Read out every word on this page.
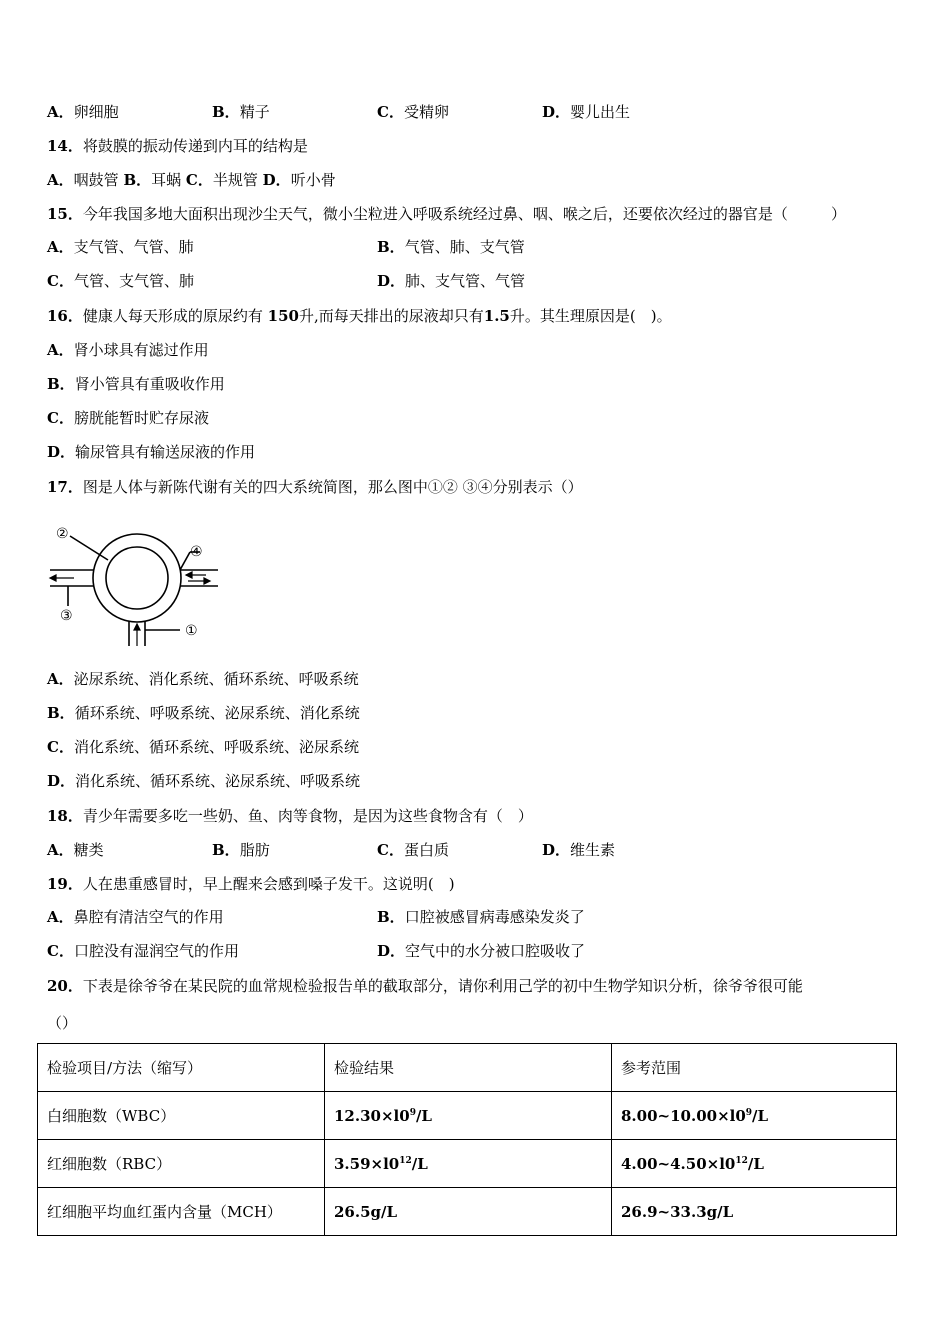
A．卵细胞	B．精子	C．受精卵	D．婴儿出生
14．将鼓膜的振动传递到内耳的结构是
A．咽鼓管 B．耳蜗 C．半规管 D．听小骨
15．今年我国多地大面积出现沙尘天气，微小尘粒进入呼吸系统经过鼻、咽、喉之后，还要依次经过的器官是（	）
A．支气管、气管、肺	B．气管、肺、支气管
C．气管、支气管、肺	D．肺、支气管、气管
16．健康人每天形成的原尿约有 150升,而每天排出的尿液却只有1.5升。其生理原因是(　)。
A．肾小球具有滤过作用
B．肾小管具有重吸收作用
C．膀胱能暂时贮存尿液
D．输尿管具有输送尿液的作用
17．图是人体与新陈代谢有关的四大系统简图，那么图中①② ③④分别表示（）
②
④
③
①
A．泌尿系统、消化系统、循环系统、呼吸系统
B．循环系统、呼吸系统、泌尿系统、消化系统
C．消化系统、循环系统、呼吸系统、泌尿系统
D．消化系统、循环系统、泌尿系统、呼吸系统
18．青少年需要多吃一些奶、鱼、肉等食物，是因为这些食物含有（　）
A．糖类	B．脂肪	C．蛋白质	D．维生素
19．人在患重感冒时，早上醒来会感到嗓子发干。这说明(　)
A．鼻腔有清洁空气的作用	B．口腔被感冒病毒感染发炎了
C．口腔没有湿润空气的作用	D．空气中的水分被口腔吸收了
20．下表是徐爷爷在某民院的血常规检验报告单的截取部分，请你利用己学的初中生物学知识分析，徐爷爷很可能
（）
检验项目/方法（缩写）	检验结果	参考范围
白细胞数（WBC）	$12.30\times l0^9/L$	$8.00\sim 10.00\times l0^9/L$
红细胞数（RBC）	$3.59\times l0^{12}/L$	$4.00\sim 4.50\times l0^{12}/L$
红细胞平均血红蛋内含量（MCH）	26.5g/L	26.9~33.3g/L
